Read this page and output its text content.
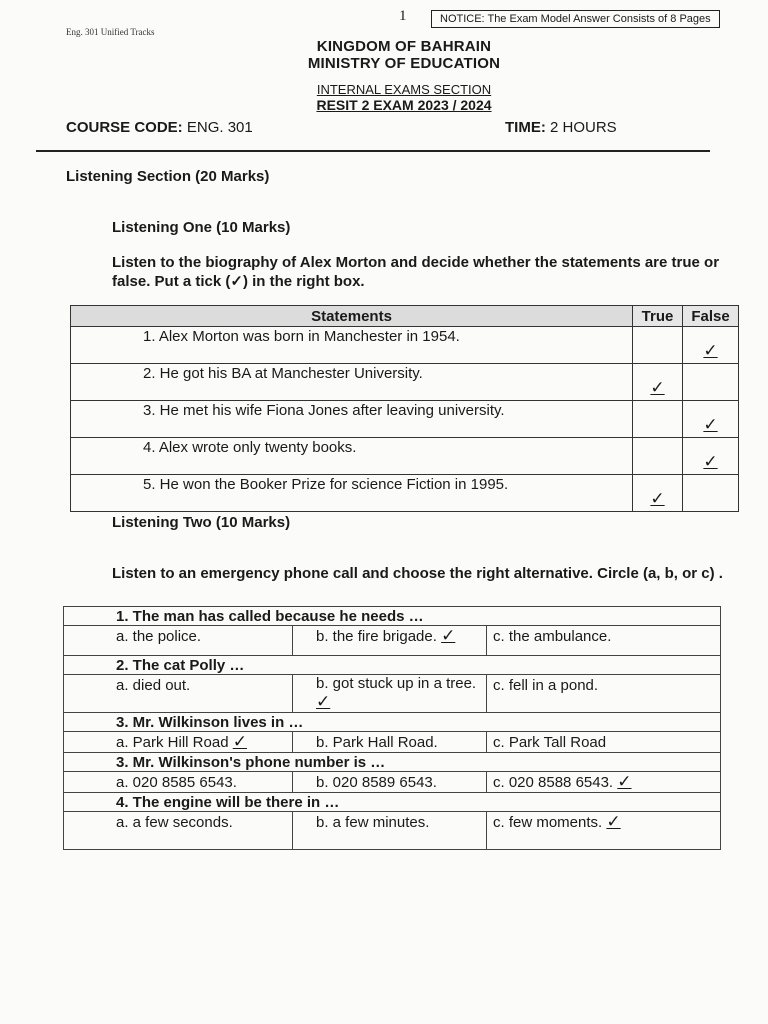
Eng. 301 Unified Tracks
1	NOTICE: The Exam Model Answer Consists of 8 Pages
KINGDOM OF BAHRAIN
MINISTRY OF EDUCATION
INTERNAL EXAMS SECTION
RESIT 2 EXAM 2023 / 2024
COURSE CODE: ENG. 301	TIME: 2 HOURS
Listening Section (20 Marks)
Listening One (10 Marks)
Listen to the biography of Alex Morton and decide whether the statements are true or false. Put a tick (✓) in the right box.
Statements	True	False
1. Alex Morton was born in Manchester in 1954.		✓
2. He got his BA at Manchester University.	✓	
3. He met his wife Fiona Jones after leaving university.		✓
4. Alex wrote only twenty books.		✓
5. He won the Booker Prize for science Fiction in 1995.	✓	
Listening Two (10 Marks)
Listen to an emergency phone call and choose the right alternative. Circle (a, b, or c) .
1. The man has called because he needs …		
a. the police.	b. the fire brigade. ✓	c. the ambulance.
2. The cat Polly …		
a. died out.	b. got stuck up in a tree. ✓	c. fell in a pond.
3. Mr. Wilkinson lives in …		
a. Park Hill Road ✓	b. Park Hall Road.	c. Park Tall Road
3. Mr. Wilkinson's phone number is …		
a. 020 8585 6543.	b. 020 8589 6543.	c. 020 8588 6543. ✓
4. The engine will be there in …		
a. a few seconds.	b. a few minutes.	c. few moments. ✓
